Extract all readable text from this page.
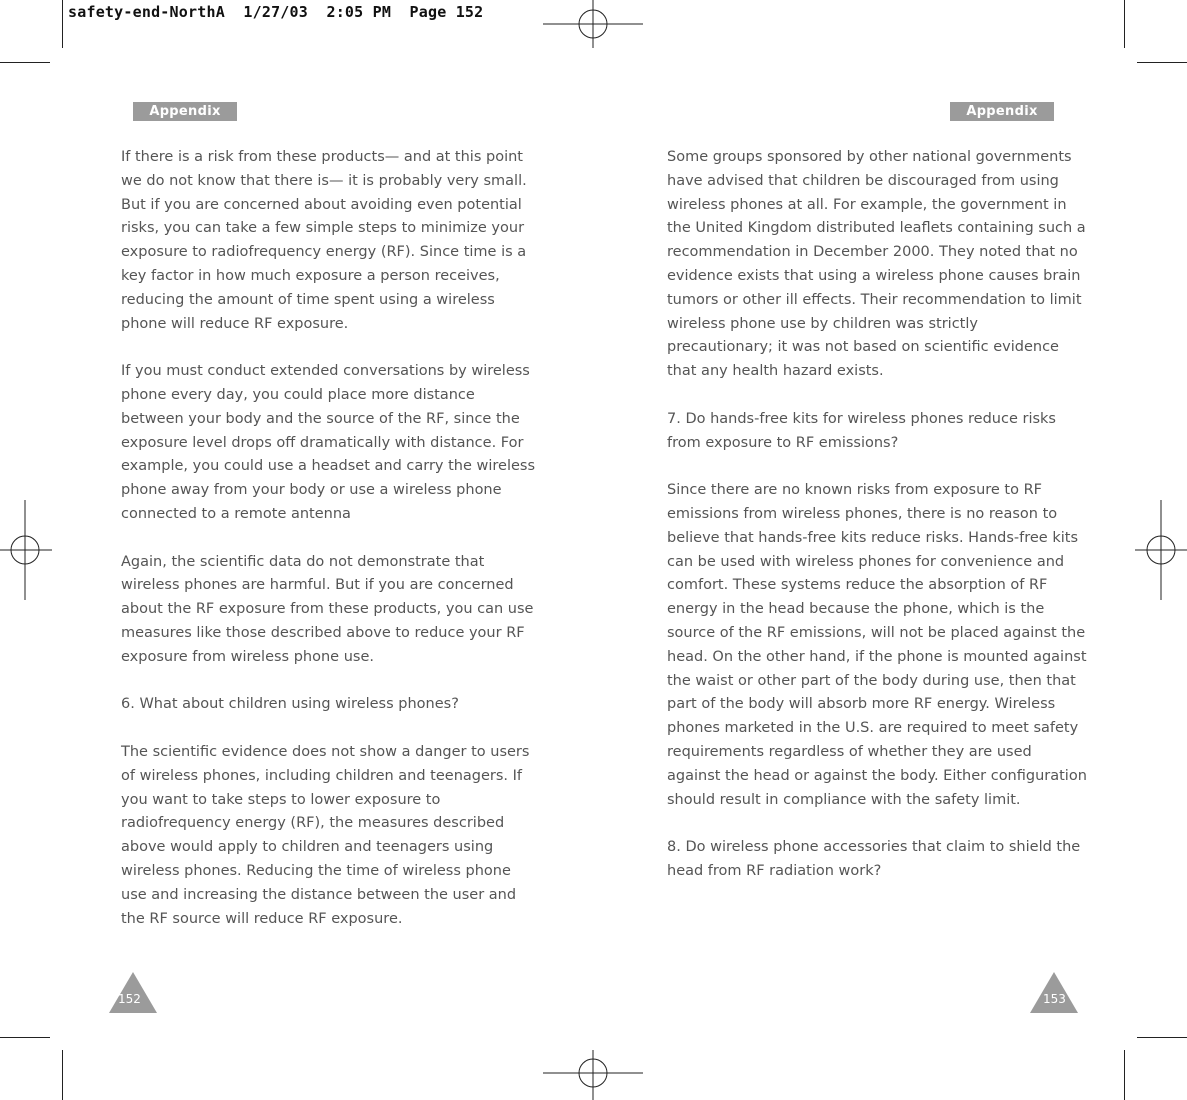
safety-end-NorthA  1/27/03  2:05 PM  Page 152
Appendix	Appendix

If there is a risk from these products— and at this point we do not know that there is— it is probably very small. But if you are concerned about avoiding even potential risks, you can take a few simple steps to minimize your exposure to radiofrequency energy (RF). Since time is a key factor in how much exposure a person receives, reducing the amount of time spent using a wireless phone will reduce RF exposure.

If you must conduct extended conversations by wireless phone every day, you could place more distance between your body and the source of the RF, since the exposure level drops off dramatically with distance. For example, you could use a headset and carry the wireless phone away from your body or use a wireless phone connected to a remote antenna

Again, the scientific data do not demonstrate that wireless phones are harmful. But if you are concerned about the RF exposure from these products, you can use measures like those described above to reduce your RF exposure from wireless phone use.

6. What about children using wireless phones?

The scientific evidence does not show a danger to users of wireless phones, including children and teenagers. If you want to take steps to lower exposure to radiofrequency energy (RF), the measures described above would apply to children and teenagers using wireless phones. Reducing the time of wireless phone use and increasing the distance between the user and the RF source will reduce RF exposure.

Some groups sponsored by other national governments have advised that children be discouraged from using wireless phones at all. For example, the government in the United Kingdom distributed leaflets containing such a recommendation in December 2000. They noted that no evidence exists that using a wireless phone causes brain tumors or other ill effects. Their recommendation to limit wireless phone use by children was strictly precautionary; it was not based on scientific evidence that any health hazard exists.

7. Do hands-free kits for wireless phones reduce risks from exposure to RF emissions?

Since there are no known risks from exposure to RF emissions from wireless phones, there is no reason to believe that hands-free kits reduce risks. Hands-free kits can be used with wireless phones for convenience and comfort. These systems reduce the absorption of RF energy in the head because the phone, which is the source of the RF emissions, will not be placed against the head. On the other hand, if the phone is mounted against the waist or other part of the body during use, then that part of the body will absorb more RF energy. Wireless phones marketed in the U.S. are required to meet safety requirements regardless of whether they are used against the head or against the body. Either configuration should result in compliance with the safety limit.

8. Do wireless phone accessories that claim to shield the head from RF radiation work?

152	153
